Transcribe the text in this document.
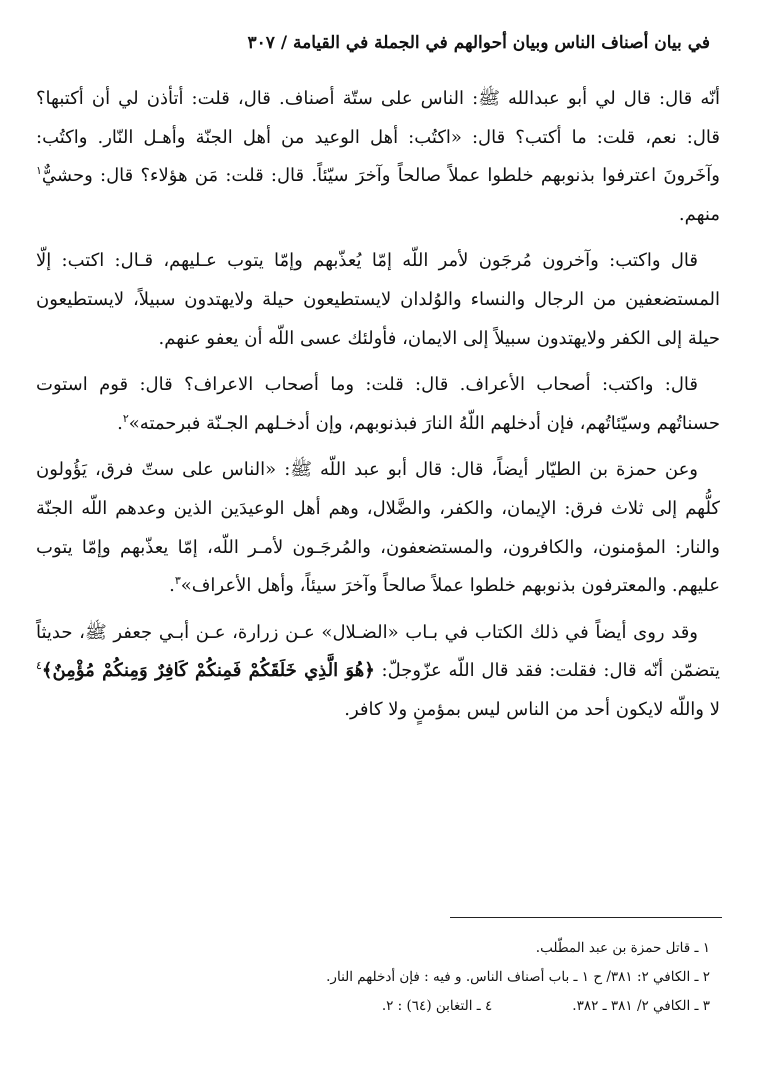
في بيان أصناف الناس وبيان أحوالهم في الجملة في القيامة / ٣٠٧

أنّه قال: قال لي أبو عبدالله ﷺ: الناس على ستّة أصناف. قال، قلت: أتأذن لي أن أكتبها؟ قال: نعم، قلت: ما أكتب؟ قال: «اكتُب: أهل الوعيد من أهل الجنّة وأهـل النّار. واكتُب: وآخَرونَ اعترفوا بذنوبهم خلطوا عملاً صالحاً وآخرَ سيّئاً. قال: قلت: مَن هؤلاء؟ قال: وحشيٌّ$^١$ منهم.

قال واكتب: وآخرون مُرجَون لأمر اللّه إمّا يُعذّبهم وإمّا يتوب عـليهم، قـال: اكتب: إلّا المستضعفين من الرجال والنساء والوُلدان لايستطيعون حيلة ولايهتدون سبيلاً، لايستطيعون حيلة إلى الكفر ولايهتدون سبيلاً إلى الايمان، فأولئك عسى اللّه أن يعفو عنهم.

قال: واكتب: أصحاب الأعراف. قال: قلت: وما أصحاب الاعراف؟ قال: قوم استوت حسناتُهم وسيّئاتُهم، فإن أدخلهم اللّهُ النارَ فبذنوبهم، وإن أدخـلهم الجـنّة فبرحمته»$^٢$.

وعن حمزة بن الطيّار أيضاً، قال: قال أبو عبد اللّه ﷺ: «الناس على ستّ فرق، يَؤُولون كلُّهم إلى ثلاث فرق: الإيمان، والكفر، والضَّلال، وهم أهل الوعيدَين الذين وعدهم اللّه الجنّة والنار: المؤمنون، والكافرون، والمستضعفون، والمُرجَـون لأمـر اللّه، إمّا يعذّبهم وإمّا يتوب عليهم. والمعترفون بذنوبهم خلطوا عملاً صالحاً وآخرَ سيئاً، وأهل الأعراف»$^٣$.

وقد روى أيضاً في ذلك الكتاب في بـاب «الضـلال» عـن زرارة، عـن أبـي جعفر ﷺ، حديثاً يتضمّن أنّه قال: فقلت: فقد قال اللّه عزّوجلّ: ﴿هُوَ الَّذِي خَلَقَكُمْ فَمِنكُمْ كَافِرٌ وَمِنكُمْ مُؤْمِنٌ﴾$^٤$ لا واللّه لايكون أحد من الناس ليس بمؤمنٍ ولا كافر.

١ ـ قاتل حمزة بن عبد المطّلب.
٢ ـ الكافي ٢: ٣٨١/ ح ١ ـ باب أصناف الناس. و فيه : فإن أدخلهم النار.
٣ ـ الكافي ٢/ ٣٨١ ـ ٣٨٢.
٤ ـ التغابن (٦٤) : ٢.
